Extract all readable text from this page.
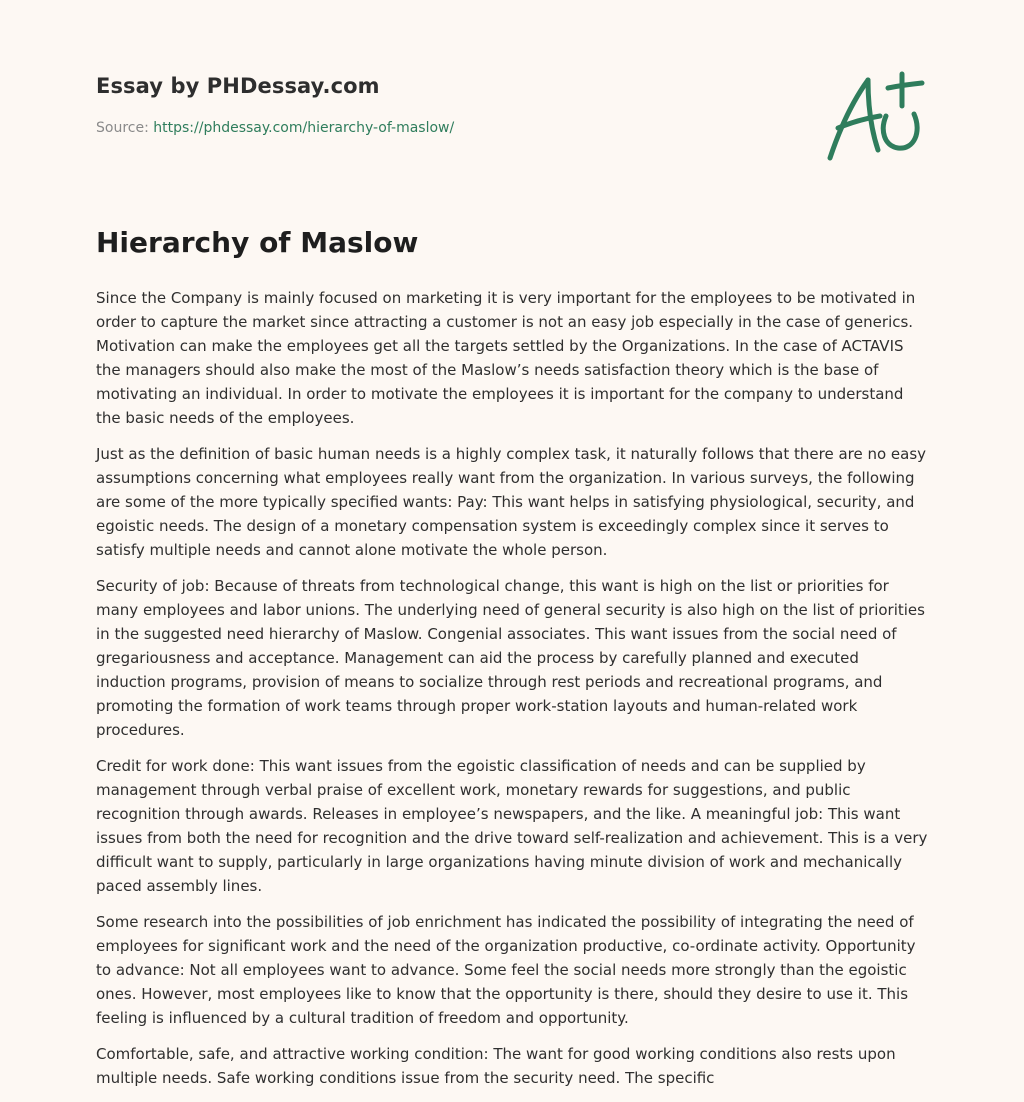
Essay by PHDessay.com
Source: https://phdessay.com/hierarchy-of-maslow/
Hierarchy of Maslow

Since the Company is mainly focused on marketing it is very important for the employees to be motivated in order to capture the market since attracting a customer is not an easy job especially in the case of generics. Motivation can make the employees get all the targets settled by the Organizations. In the case of ACTAVIS the managers should also make the most of the Maslow’s needs satisfaction theory which is the base of motivating an individual. In order to motivate the employees it is important for the company to understand the basic needs of the employees.

Just as the definition of basic human needs is a highly complex task, it naturally follows that there are no easy assumptions concerning what employees really want from the organization. In various surveys, the following are some of the more typically specified wants: Pay: This want helps in satisfying physiological, security, and egoistic needs. The design of a monetary compensation system is exceedingly complex since it serves to satisfy multiple needs and cannot alone motivate the whole person.

Security of job: Because of threats from technological change, this want is high on the list or priorities for many employees and labor unions. The underlying need of general security is also high on the list of priorities in the suggested need hierarchy of Maslow. Congenial associates. This want issues from the social need of gregariousness and acceptance. Management can aid the process by carefully planned and executed induction programs, provision of means to socialize through rest periods and recreational programs, and promoting the formation of work teams through proper work-station layouts and human-related work procedures.

Credit for work done: This want issues from the egoistic classification of needs and can be supplied by management through verbal praise of excellent work, monetary rewards for suggestions, and public recognition through awards. Releases in employee’s newspapers, and the like. A meaningful job: This want issues from both the need for recognition and the drive toward self-realization and achievement. This is a very difficult want to supply, particularly in large organizations having minute division of work and mechanically paced assembly lines.

Some research into the possibilities of job enrichment has indicated the possibility of integrating the need of employees for significant work and the need of the organization productive, co-ordinate activity. Opportunity to advance: Not all employees want to advance. Some feel the social needs more strongly than the egoistic ones. However, most employees like to know that the opportunity is there, should they desire to use it. This feeling is influenced by a cultural tradition of freedom and opportunity.

Comfortable, safe, and attractive working condition: The want for good working conditions also rests upon multiple needs. Safe working conditions issue from the security need. The specific
